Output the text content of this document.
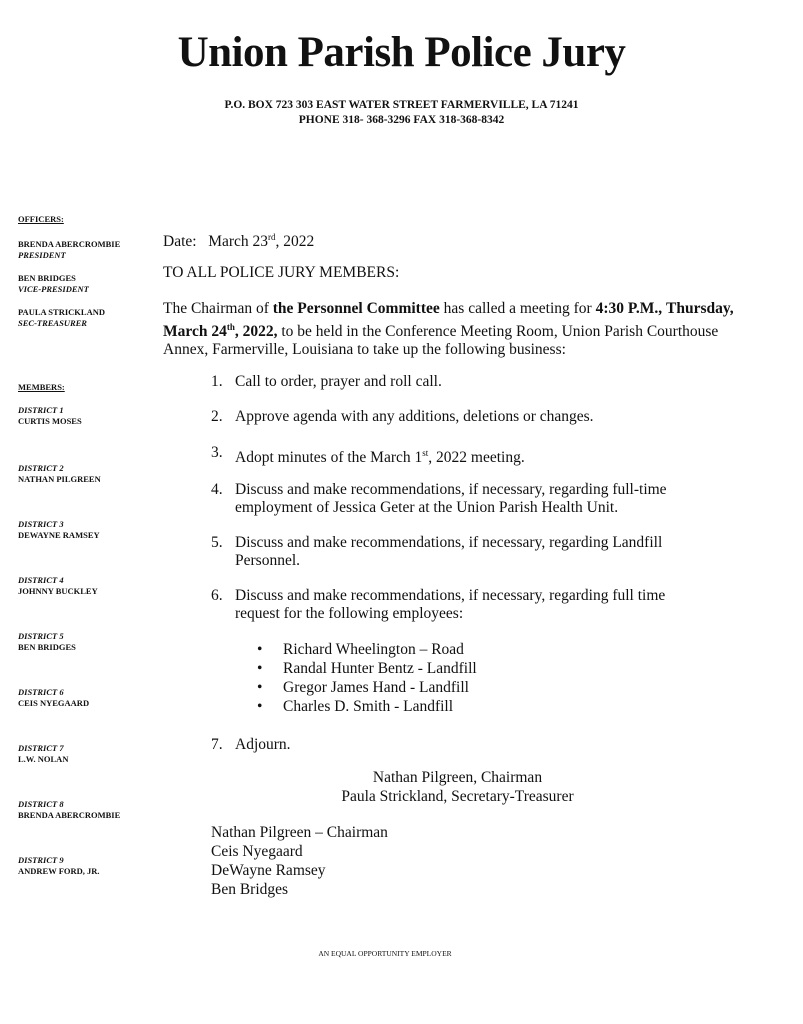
Union Parish Police Jury
P.O. BOX 723 303 EAST WATER STREET FARMERVILLE, LA 71241
PHONE 318- 368-3296 FAX 318-368-8342
OFFICERS:
BRENDA ABERCROMBIE
PRESIDENT
BEN BRIDGES
VICE-PRESIDENT
PAULA STRICKLAND
SEC-TREASURER
MEMBERS:
DISTRICT 1
CURTIS MOSES
DISTRICT 2
NATHAN PILGREEN
DISTRICT 3
DEWAYNE RAMSEY
DISTRICT 4
JOHNNY BUCKLEY
DISTRICT 5
BEN BRIDGES
DISTRICT 6
CEIS NYEGAARD
DISTRICT 7
L.W. NOLAN
DISTRICT 8
BRENDA ABERCROMBIE
DISTRICT 9
ANDREW FORD, JR.
Date: March 23rd, 2022
TO ALL POLICE JURY MEMBERS:
The Chairman of the Personnel Committee has called a meeting for 4:30 P.M., Thursday, March 24th, 2022, to be held in the Conference Meeting Room, Union Parish Courthouse Annex, Farmerville, Louisiana to take up the following business:
1. Call to order, prayer and roll call.
2. Approve agenda with any additions, deletions or changes.
3. Adopt minutes of the March 1st, 2022 meeting.
4. Discuss and make recommendations, if necessary, regarding full-time employment of Jessica Geter at the Union Parish Health Unit.
5. Discuss and make recommendations, if necessary, regarding Landfill Personnel.
6. Discuss and make recommendations, if necessary, regarding full time request for the following employees:
• Richard Wheelington – Road
• Randal Hunter Bentz - Landfill
• Gregor James Hand - Landfill
• Charles D. Smith - Landfill
7. Adjourn.
Nathan Pilgreen, Chairman
Paula Strickland, Secretary-Treasurer
Nathan Pilgreen – Chairman
Ceis Nyegaard
DeWayne Ramsey
Ben Bridges
AN EQUAL OPPORTUNITY EMPLOYER
